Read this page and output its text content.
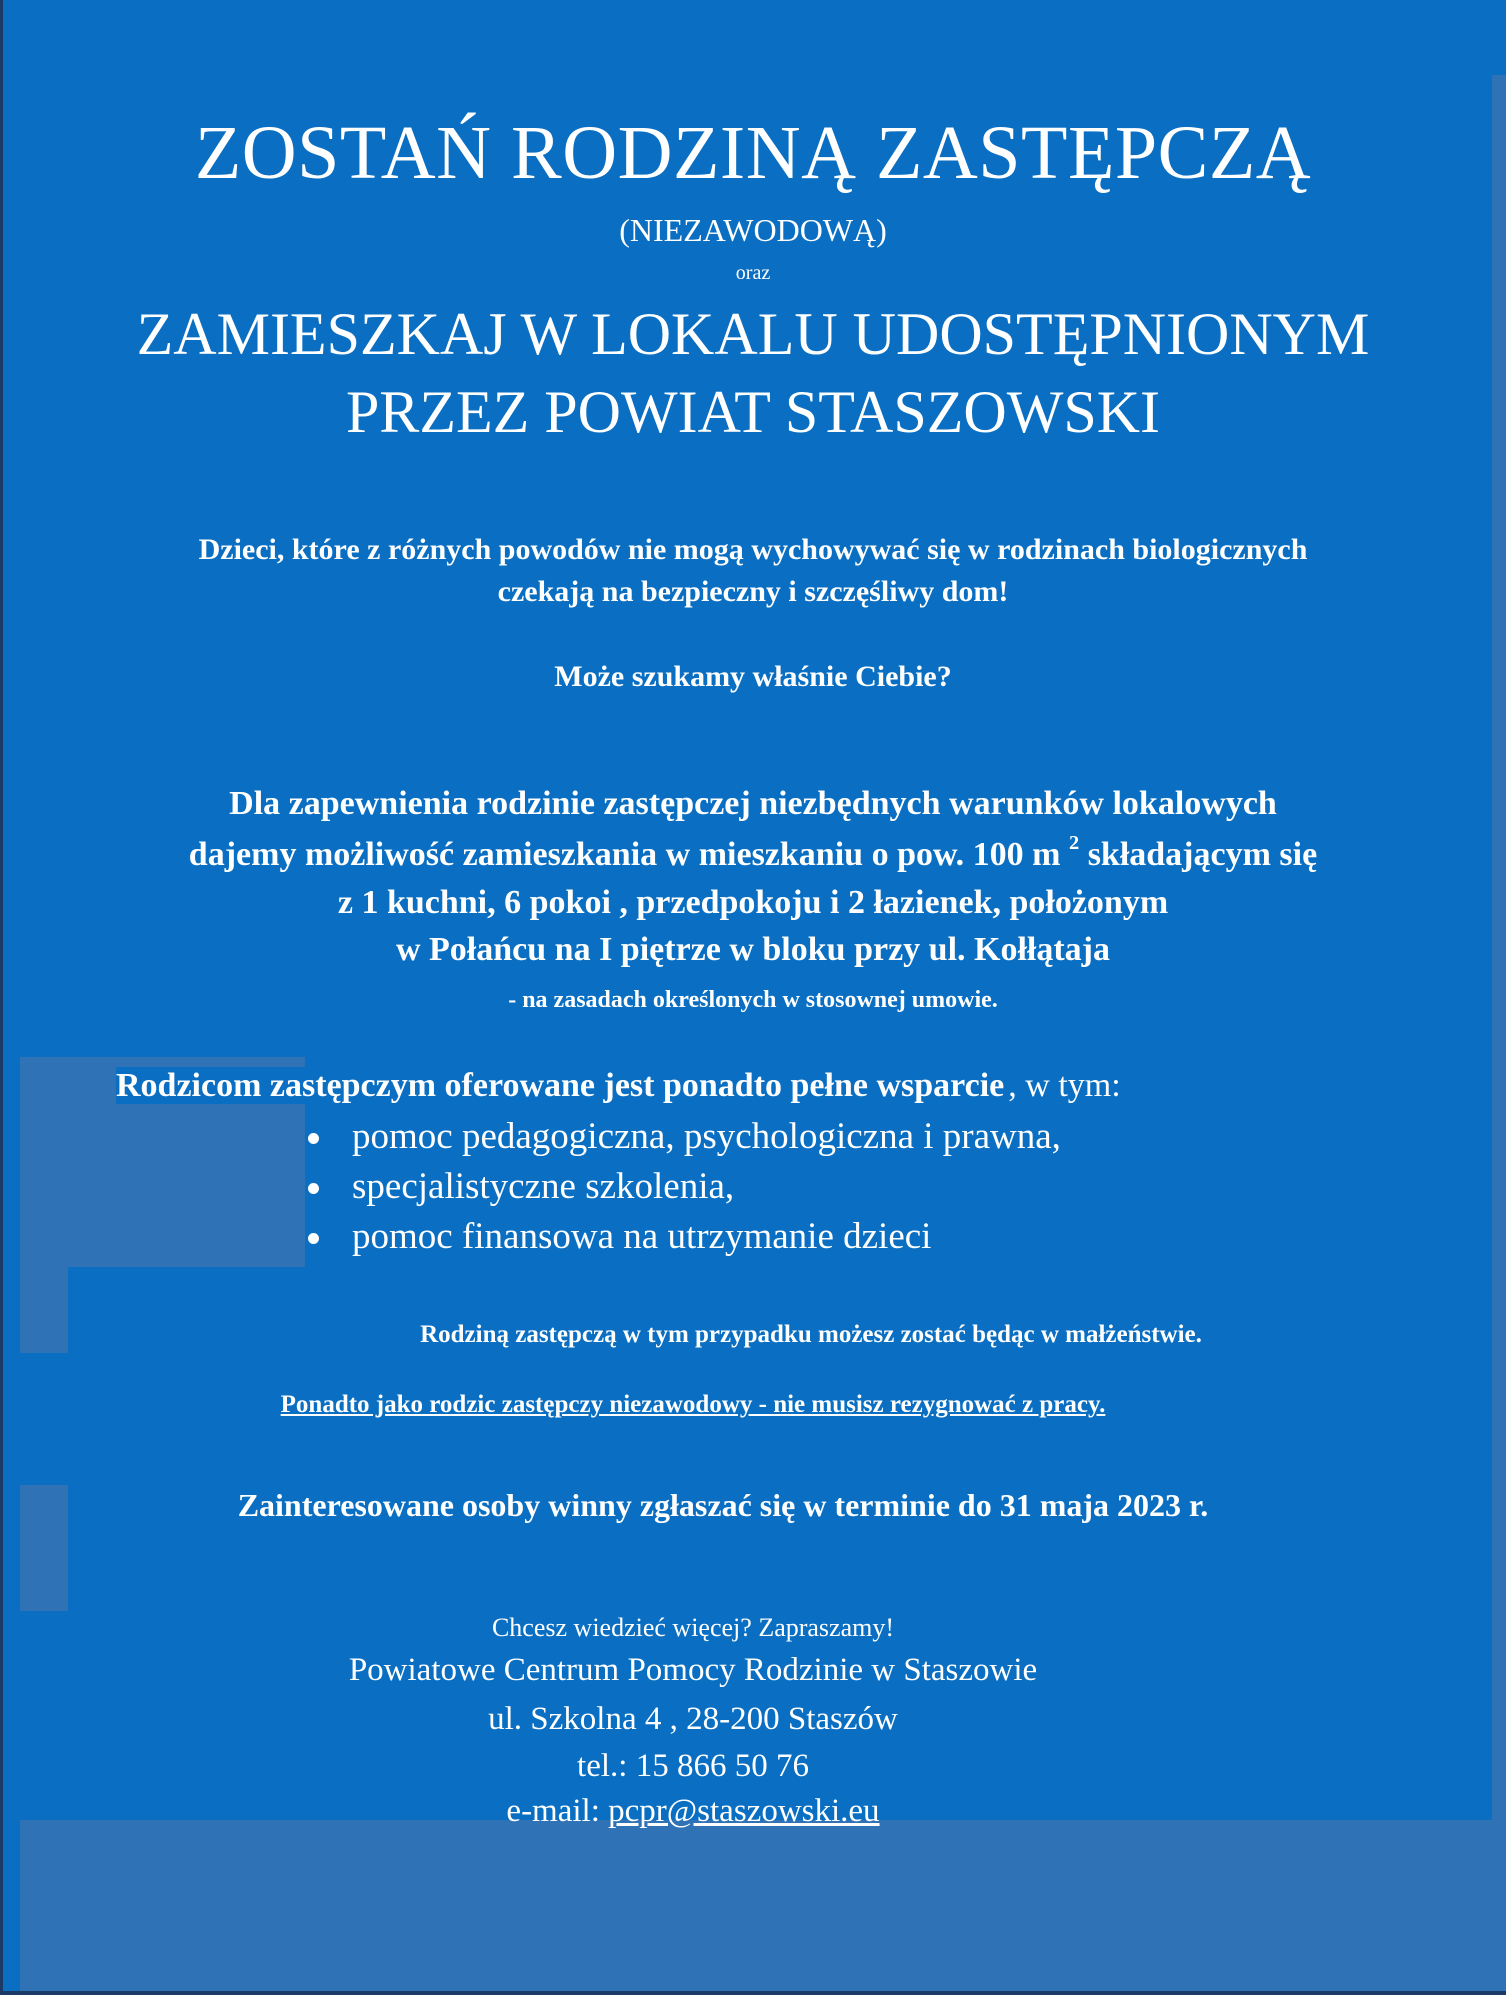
ZOSTAŃ RODZINĄ ZASTĘPCZĄ
(NIEZAWODOWĄ)
oraz
ZAMIESZKAJ W LOKALU UDOSTĘPNIONYM
PRZEZ POWIAT STASZOWSKI
Dzieci, które z różnych powodów nie mogą wychowywać się w rodzinach biologicznych
czekają na bezpieczny i szczęśliwy dom!
Może szukamy właśnie Ciebie?
Dla zapewnienia rodzinie zastępczej niezbędnych warunków lokalowych
dajemy możliwość zamieszkania w mieszkaniu o pow. 100 m $^2$ składającym się
z 1 kuchni, 6 pokoi , przedpokoju i 2 łazienek, położonym
w Połańcu na I piętrze w bloku przy ul. Kołłątaja
- na zasadach określonych w stosownej umowie.
Rodzicom zastępczym oferowane jest ponadto pełne wsparcie , w tym:
pomoc pedagogiczna, psychologiczna i prawna,
specjalistyczne szkolenia,
pomoc finansowa na utrzymanie dzieci
Rodziną zastępczą w tym przypadku możesz zostać będąc w małżeństwie.
Ponadto jako rodzic zastępczy niezawodowy - nie musisz rezygnować z pracy.
Zainteresowane osoby winny zgłaszać się w terminie do 31 maja 2023 r.
Chcesz wiedzieć więcej? Zapraszamy!
Powiatowe Centrum Pomocy Rodzinie w Staszowie
ul. Szkolna 4 , 28-200 Staszów
tel.: 15 866 50 76
e-mail: pcpr@staszowski.eu
